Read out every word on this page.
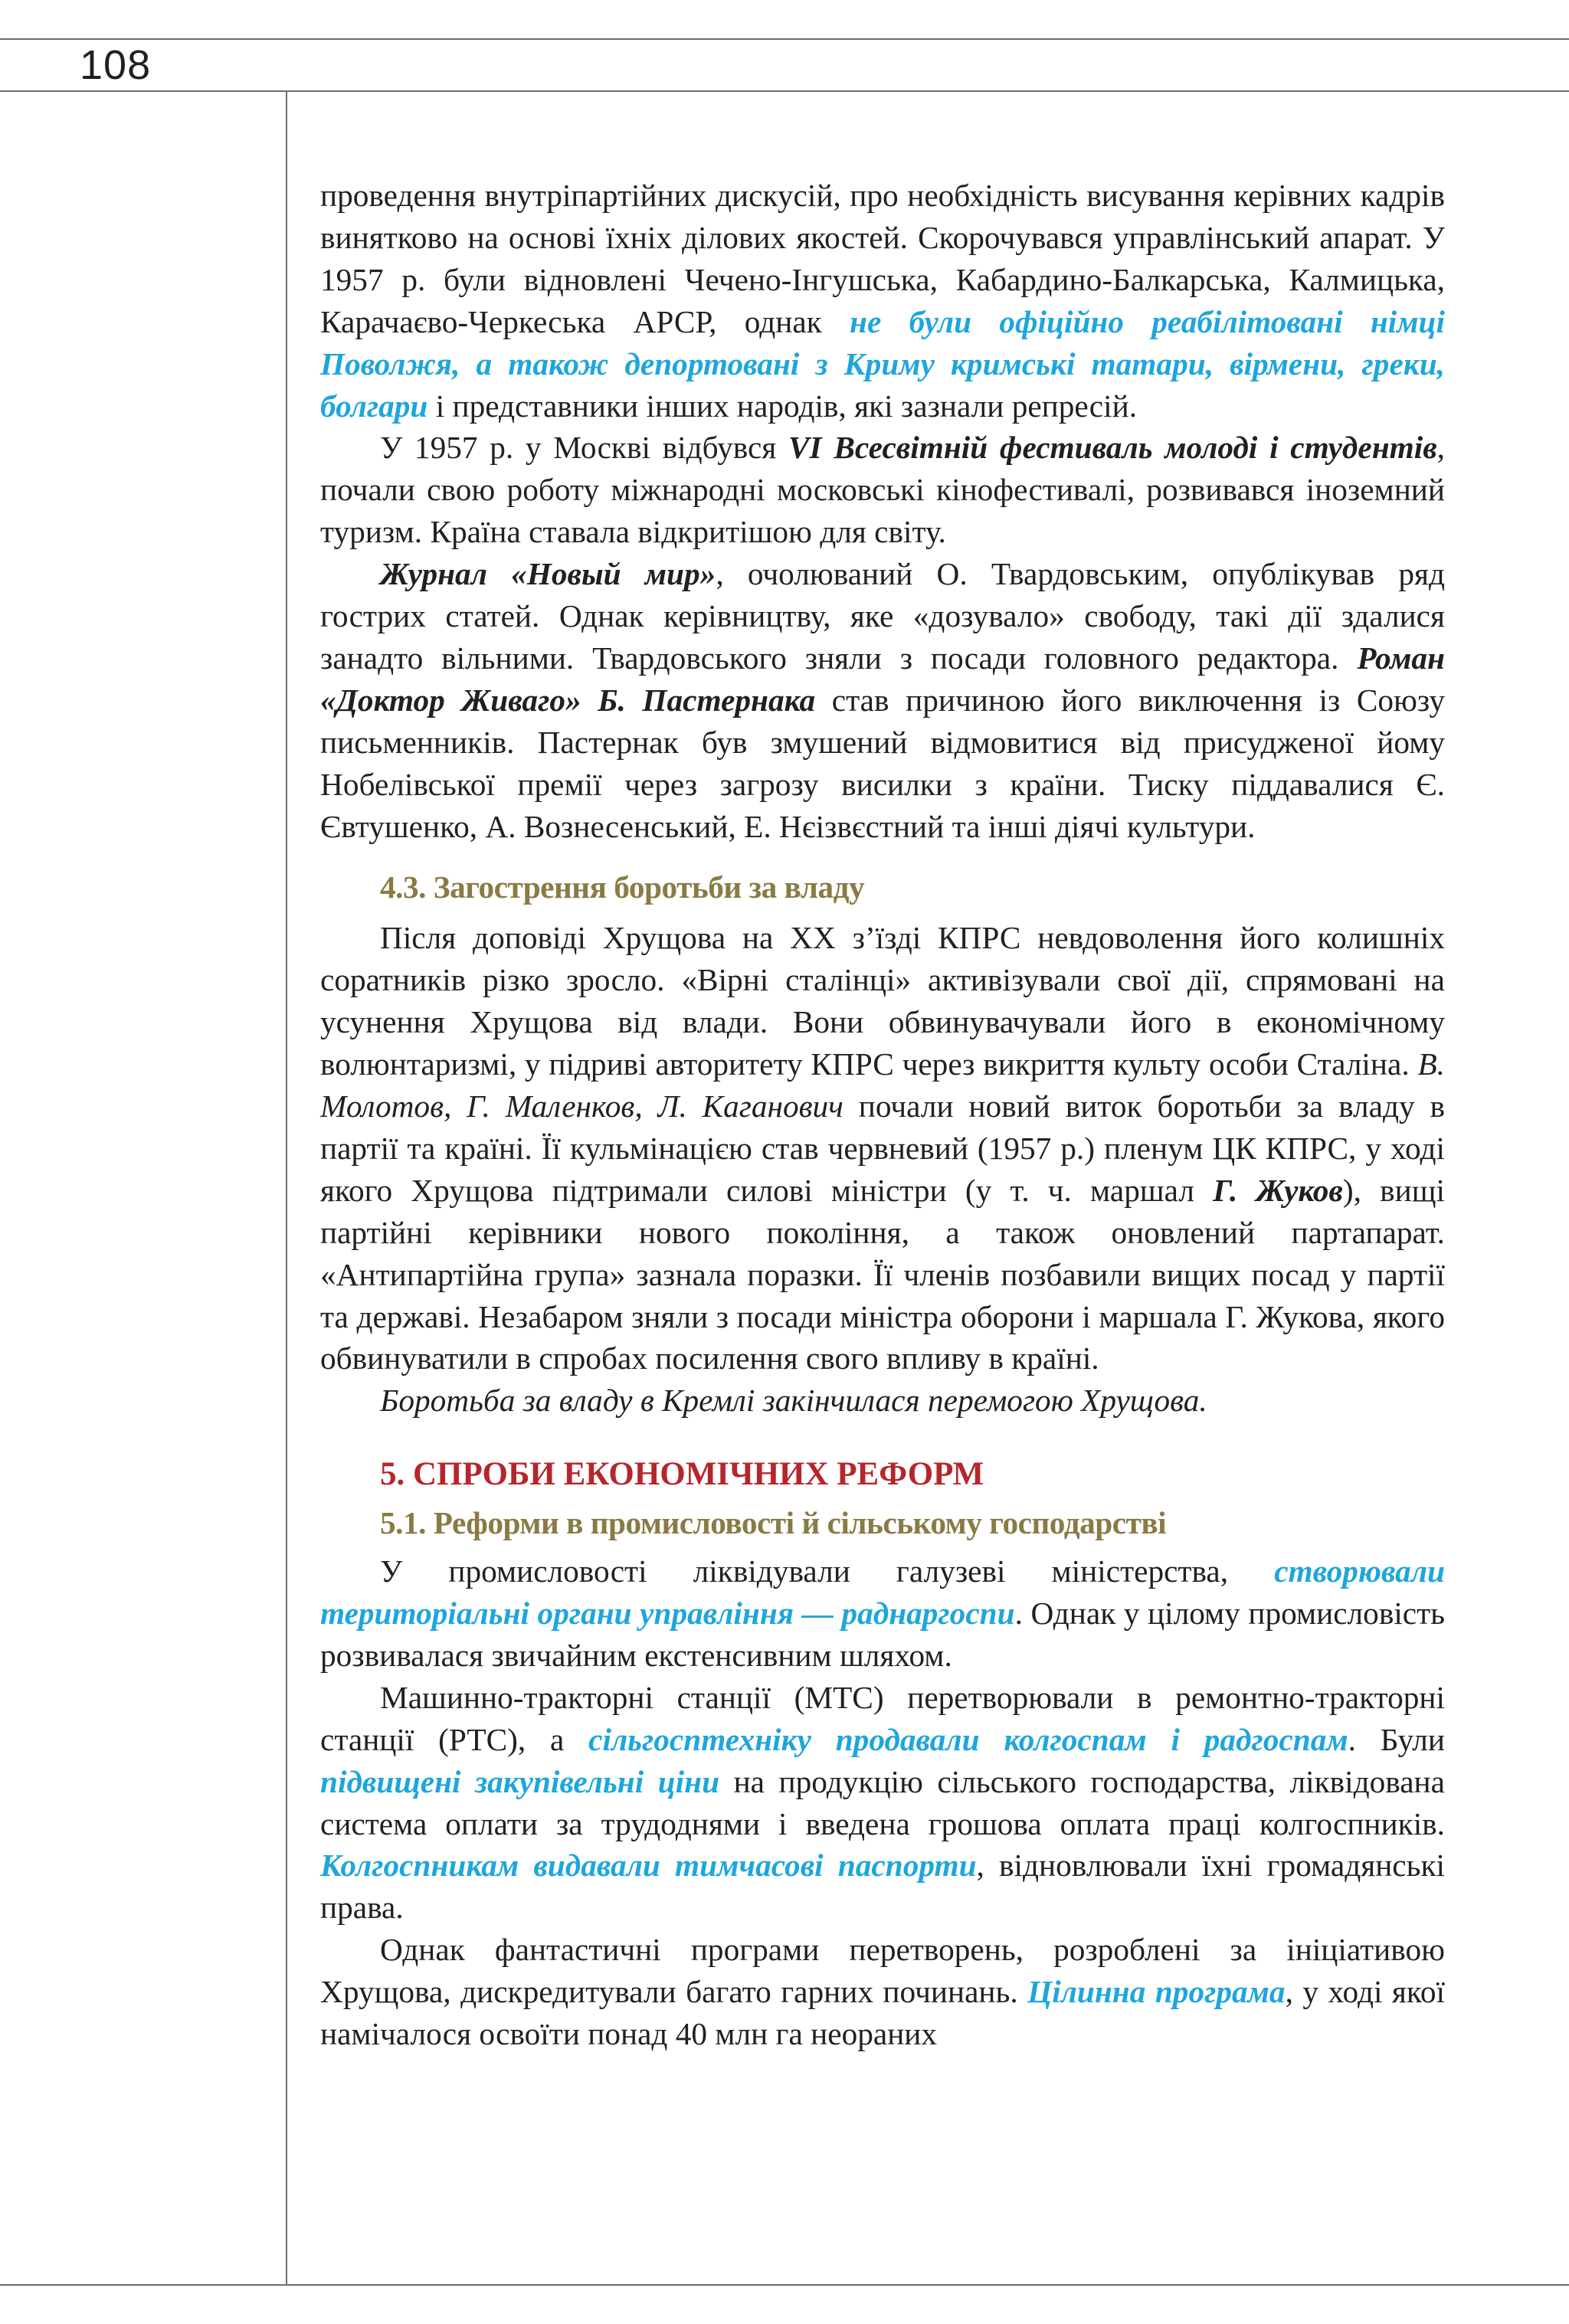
108

проведення внутріпартійних дискусій, про необхідність висування керівних кадрів винятково на основі їхніх ділових якостей. Скорочувався управлінський апарат. У 1957 р. були відновлені Чечено-Інгушська, Кабардино-Балкарська, Калмицька, Карачаєво-Черкеська АРСР, однак не були офіційно реабілітовані німці Поволжя, а також депортовані з Криму кримські татари, вірмени, греки, болгари і представники інших народів, які зазнали репресій.

У 1957 р. у Москві відбувся VI Всесвітній фестиваль молоді і студентів, почали свою роботу міжнародні московські кінофестивалі, розвивався іноземний туризм. Країна ставала відкритішою для світу.

Журнал «Новый мир», очолюваний О. Твардовським, опублікував ряд гострих статей. Однак керівництву, яке «дозувало» свободу, такі дії здалися занадто вільними. Твардовського зняли з посади головного редактора. Роман «Доктор Живаго» Б. Пастернака став причиною його виключення із Союзу письменників. Пастернак був змушений відмовитися від присудженої йому Нобелівської премії через загрозу висилки з країни. Тиску піддавалися Є. Євтушенко, А. Вознесенський, Е. Нєізвєстний та інші діячі культури.

4.3. Загострення боротьби за владу

Після доповіді Хрущова на ХХ з’їзді КПРС невдоволення його колишніх соратників різко зросло. «Вірні сталінці» активізували свої дії, спрямовані на усунення Хрущова від влади. Вони обвинувачували його в економічному волюнтаризмі, у підриві авторитету КПРС через викриття культу особи Сталіна. В. Молотов, Г. Маленков, Л. Каганович почали новий виток боротьби за владу в партії та країні. Її кульмінацією став червневий (1957 р.) пленум ЦК КПРС, у ході якого Хрущова підтримали силові міністри (у т. ч. маршал Г. Жуков), вищі партійні керівники нового покоління, а також оновлений партапарат. «Антипартійна група» зазнала поразки. Її членів позбавили вищих посад у партії та державі. Незабаром зняли з посади міністра оборони і маршала Г. Жукова, якого обвинуватили в спробах посилення свого впливу в країні.

Боротьба за владу в Кремлі закінчилася перемогою Хрущова.

5. СПРОБИ ЕКОНОМІЧНИХ РЕФОРМ
5.1. Реформи в промисловості й сільському господарстві

У промисловості ліквідували галузеві міністерства, створювали територіальні органи управління — раднаргоспи. Однак у цілому промисловість розвивалася звичайним екстенсивним шляхом.

Машинно-тракторні станції (МТС) перетворювали в ремонтно-тракторні станції (РТС), а сільгосптехніку продавали колгоспам і радгоспам. Були підвищені закупівельні ціни на продукцію сільського господарства, ліквідована система оплати за трудоднями і введена грошова оплата праці колгоспників. Колгоспникам видавали тимчасові паспорти, відновлювали їхні громадянські права.

Однак фантастичні програми перетворень, розроблені за ініціативою Хрущова, дискредитували багато гарних починань. Цілинна програма, у ході якої намічалося освоїти понад 40 млн га неораних
